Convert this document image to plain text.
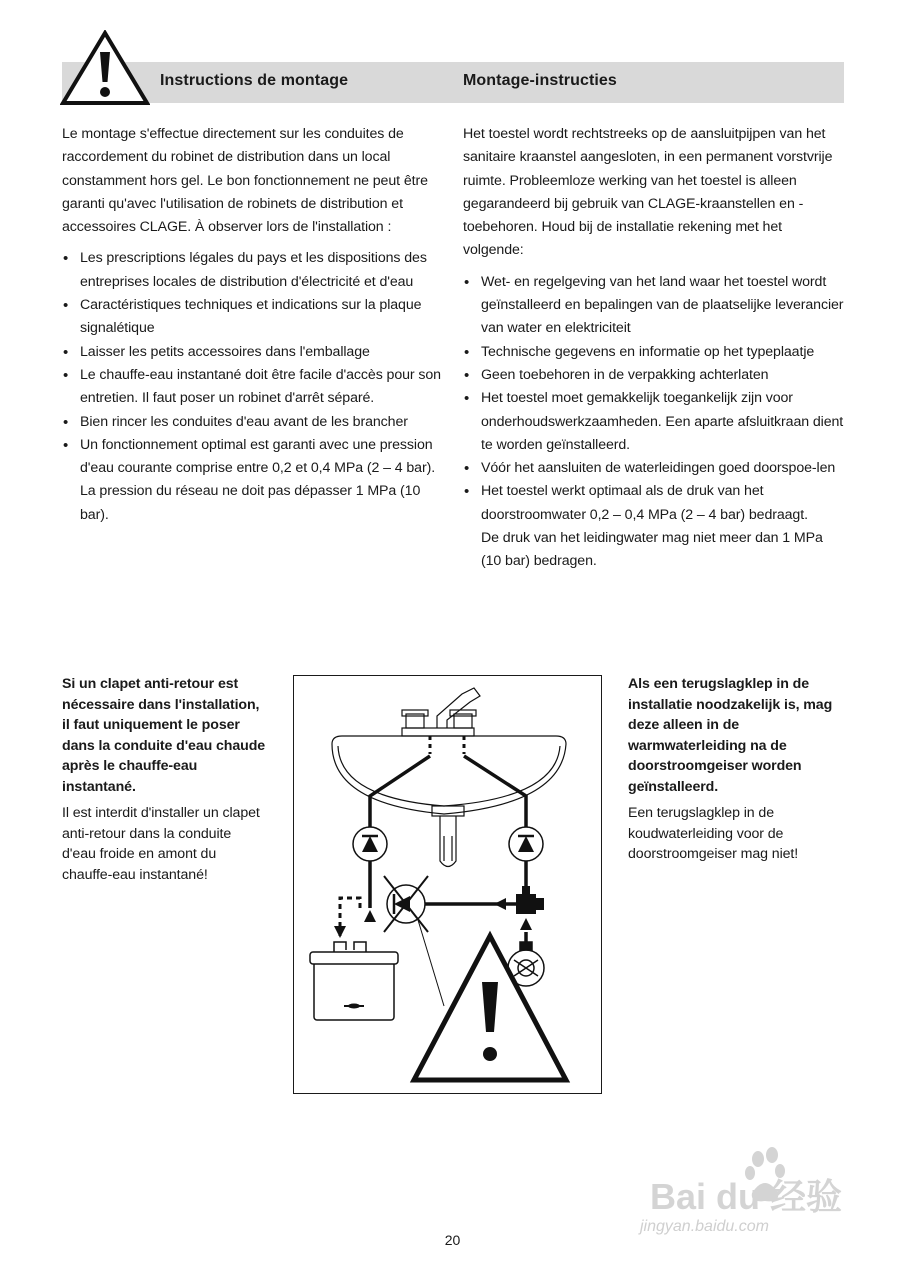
Instructions de montage	Montage-instructies

Le montage s'effectue directement sur les conduites de raccordement du robinet de distribution dans un local constamment hors gel. Le bon fonctionnement ne peut être garanti qu'avec l'utilisation de robinets de distribution et accessoires CLAGE. À observer lors de l'installation :

• Les prescriptions légales du pays et les dispositions des entreprises locales de distribution d'électricité et d'eau
• Caractéristiques techniques et indications sur la plaque signalétique
• Laisser les petits accessoires dans l'emballage
• Le chauffe-eau instantané doit être facile d'accès pour son entretien. Il faut poser un robinet d'arrêt séparé.
• Bien rincer les conduites d'eau avant de les brancher
• Un fonctionnement optimal est garanti avec une pression d'eau courante comprise entre 0,2 et 0,4 MPa (2 – 4 bar).
La pression du réseau ne doit pas dépasser 1 MPa (10 bar).

Het toestel wordt rechtstreeks op de aansluitpijpen van het sanitaire kraanstel aangesloten, in een permanent vorstvrije ruimte. Probleemloze werking van het toestel is alleen gegarandeerd bij gebruik van CLAGE-kraanstellen en -toebehoren. Houd bij de installatie rekening met het volgende:

• Wet- en regelgeving van het land waar het toestel wordt geïnstalleerd en bepalingen van de plaatselijke leverancier van water en elektriciteit
• Technische gegevens en informatie op het typeplaatje
• Geen toebehoren in de verpakking achterlaten
• Het toestel moet gemakkelijk toegankelijk zijn voor onderhoudswerkzaamheden. Een aparte afsluitkraan dient te worden geïnstalleerd.
• Vóór het aansluiten de waterleidingen goed doorspoe-len
• Het toestel werkt optimaal als de druk van het doorstroomwater 0,2 – 0,4 MPa (2 – 4 bar) bedraagt.
De druk van het leidingwater mag niet meer dan 1 MPa (10 bar) bedragen.

Si un clapet anti-retour est nécessaire dans l'installation, il faut uniquement le poser dans la conduite d'eau chaude après le chauffe-eau instantané.

Il est interdit d'installer un clapet anti-retour dans la conduite d'eau froide en amont du chauffe-eau instantané!

Als een terugslagklep in de installatie noodzakelijk is, mag deze alleen in de warmwaterleiding na de doorstroomgeiser worden geïnstalleerd.

Een terugslagklep in de koudwaterleiding voor de doorstroomgeiser mag niet!

20
Bai du 经验
jingyan.baidu.com
